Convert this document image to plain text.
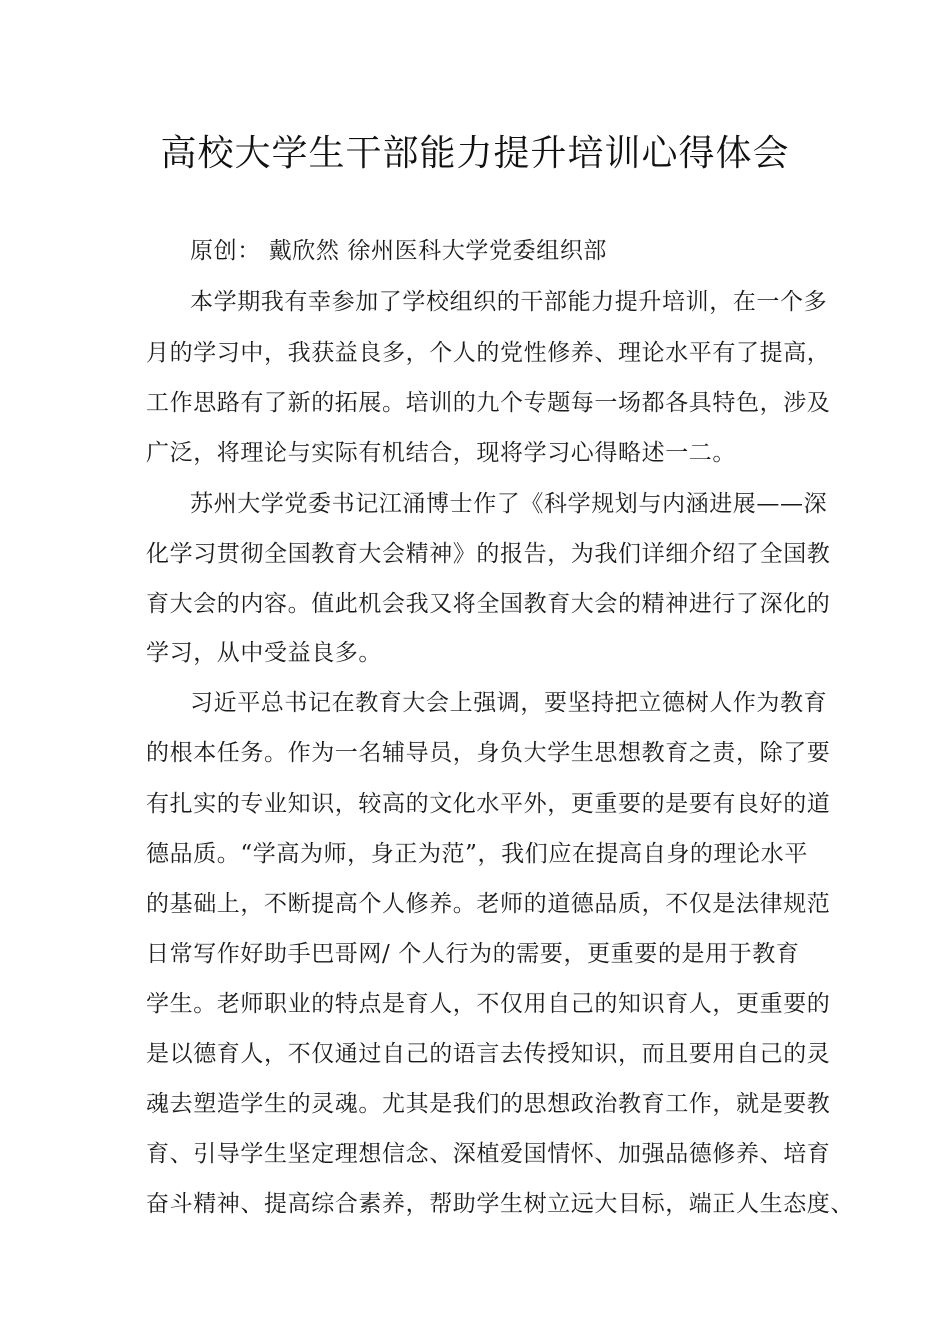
高校大学生干部能力提升培训心得体会
原创： 戴欣然 徐州医科大学党委组织部
本学期我有幸参加了学校组织的干部能力提升培训，在一个多
月的学习中，我获益良多，个人的党性修养、理论水平有了提高，
工作思路有了新的拓展。培训的九个专题每一场都各具特色，涉及
广泛，将理论与实际有机结合，现将学习心得略述一二。
苏州大学党委书记江涌博士作了《科学规划与内涵进展——深
化学习贯彻全国教育大会精神》的报告，为我们详细介绍了全国教
育大会的内容。值此机会我又将全国教育大会的精神进行了深化的
学习，从中受益良多。
习近平总书记在教育大会上强调，要坚持把立德树人作为教育
的根本任务。作为一名辅导员，身负大学生思想教育之责，除了要
有扎实的专业知识，较高的文化水平外，更重要的是要有良好的道
德品质。“学高为师，身正为范”，我们应在提高自身的理论水平
的基础上，不断提高个人修养。老师的道德品质，不仅是法律规范
日常写作好助手巴哥网/ 个人行为的需要，更重要的是用于教育
学生。老师职业的特点是育人，不仅用自己的知识育人，更重要的
是以德育人，不仅通过自己的语言去传授知识，而且要用自己的灵
魂去塑造学生的灵魂。尤其是我们的思想政治教育工作，就是要教
育、引导学生坚定理想信念、深植爱国情怀、加强品德修养、培育
奋斗精神、提高综合素养，帮助学生树立远大目标，端正人生态度、
